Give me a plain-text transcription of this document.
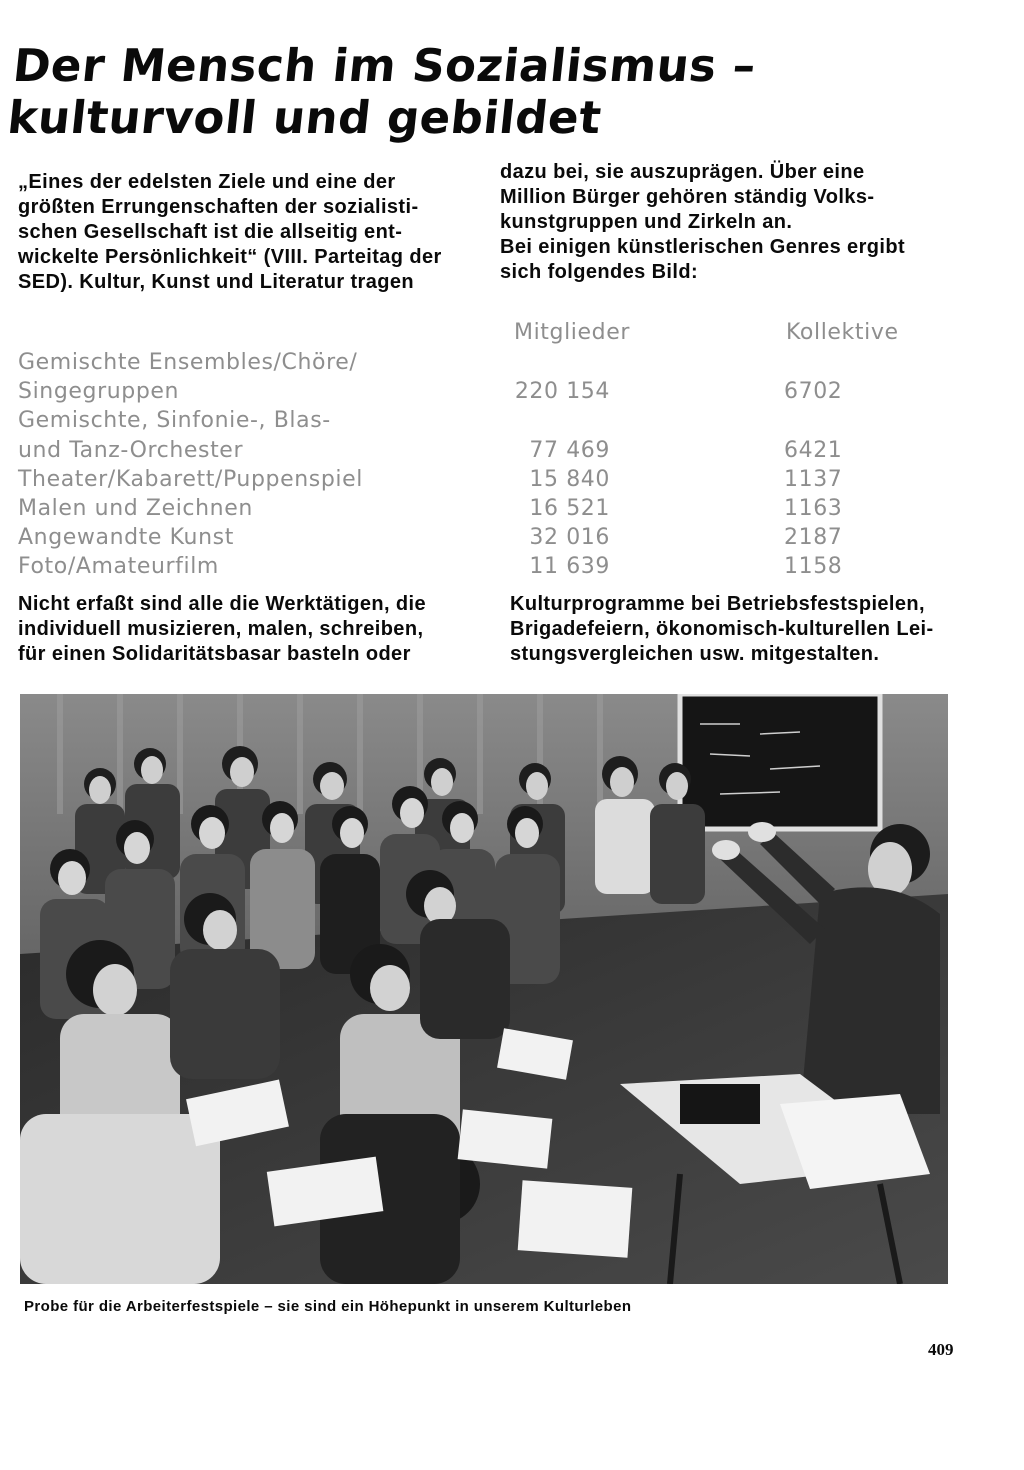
Der Mensch im Sozialismus –
kulturvoll und gebildet
„Eines der edelsten Ziele und eine der
größten Errungenschaften der sozialisti-
schen Gesellschaft ist die allseitig ent-
wickelte Persönlichkeit“ (VIII. Parteitag der
SED). Kultur, Kunst und Literatur tragen
dazu bei, sie auszuprägen. Über eine
Million Bürger gehören ständig Volks-
kunstgruppen und Zirkeln an.
Bei einigen künstlerischen Genres ergibt
sich folgendes Bild:
Mitglieder	Kollektive
Gemischte Ensembles/Chöre/
Singegruppen	220 154	6702
Gemischte, Sinfonie-, Blas-
und Tanz-Orchester	77 469	6421
Theater/Kabarett/Puppenspiel	15 840	1137
Malen und Zeichnen	16 521	1163
Angewandte Kunst	32 016	2187
Foto/Amateurfilm	11 639	1158
Nicht erfaßt sind alle die Werktätigen, die
individuell musizieren, malen, schreiben,
für einen Solidaritätsbasar basteln oder
Kulturprogramme bei Betriebsfestspielen,
Brigadefeiern, ökonomisch-kulturellen Lei-
stungsvergleichen usw. mitgestalten.
Probe für die Arbeiterfestspiele – sie sind ein Höhepunkt in unserem Kulturleben
409
